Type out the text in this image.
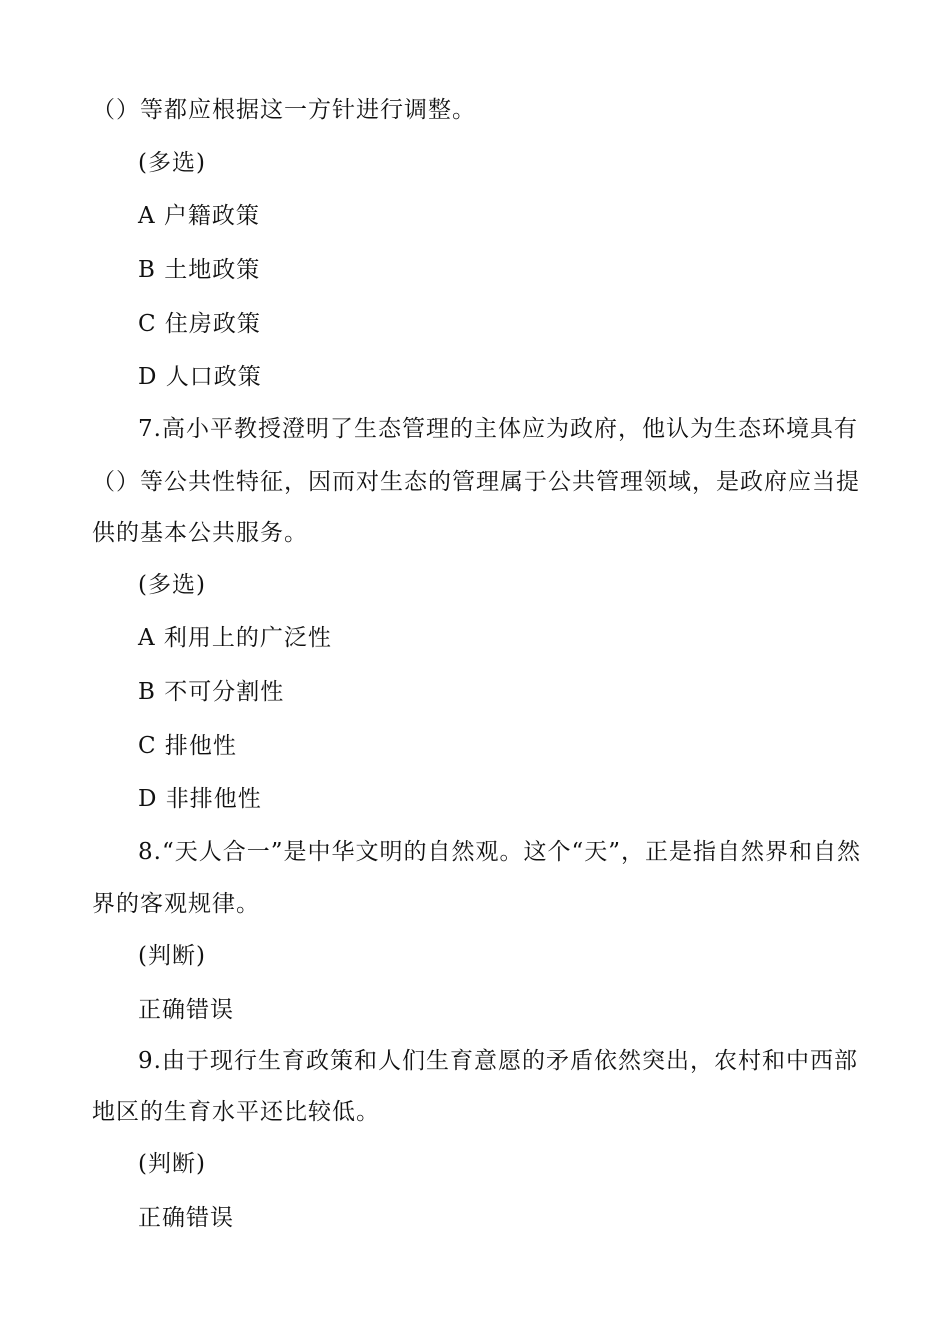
（）等都应根据这一方针进行调整。
(多选)
A 户籍政策
B 土地政策
C 住房政策
D 人口政策
7.高小平教授澄明了生态管理的主体应为政府，他认为生态环境具有
（）等公共性特征，因而对生态的管理属于公共管理领域，是政府应当提
供的基本公共服务。
(多选)
A 利用上的广泛性
B 不可分割性
C 排他性
D 非排他性
8.“天人合一”是中华文明的自然观。这个“天”，正是指自然界和自然
界的客观规律。
(判断)
正确错误
9.由于现行生育政策和人们生育意愿的矛盾依然突出，农村和中西部
地区的生育水平还比较低。
(判断)
正确错误
